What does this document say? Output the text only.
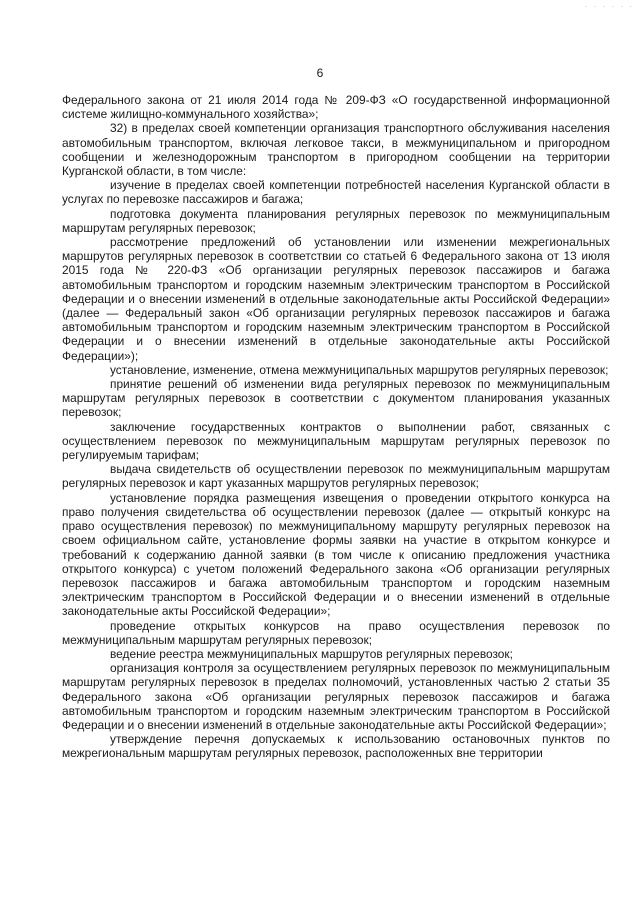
· · · · · ·
6

Федерального закона от 21 июля 2014 года № 209-ФЗ «О государственной информационной системе жилищно-коммунального хозяйства»;

32) в пределах своей компетенции организация транспортного обслуживания населения автомобильным транспортом, включая легковое такси, в межмуниципальном и пригородном сообщении и железнодорожным транспортом в пригородном сообщении на территории Курганской области, в том числе:

изучение в пределах своей компетенции потребностей населения Курганской области в услугах по перевозке пассажиров и багажа;

подготовка документа планирования регулярных перевозок по межмуниципальным маршрутам регулярных перевозок;

рассмотрение предложений об установлении или изменении межрегиональных маршрутов регулярных перевозок в соответствии со статьей 6 Федерального закона от 13 июля 2015 года № 220-ФЗ «Об организации регулярных перевозок пассажиров и багажа автомобильным транспортом и городским наземным электрическим транспортом в Российской Федерации и о внесении изменений в отдельные законодательные акты Российской Федерации» (далее — Федеральный закон «Об организации регулярных перевозок пассажиров и багажа автомобильным транспортом и городским наземным электрическим транспортом в Российской Федерации и о внесении изменений в отдельные законодательные акты Российской Федерации»);

установление, изменение, отмена межмуниципальных маршрутов регулярных перевозок;

принятие решений об изменении вида регулярных перевозок по межмуниципальным маршрутам регулярных перевозок в соответствии с документом планирования указанных перевозок;

заключение государственных контрактов о выполнении работ, связанных с осуществлением перевозок по межмуниципальным маршрутам регулярных перевозок по регулируемым тарифам;

выдача свидетельств об осуществлении перевозок по межмуниципальным маршрутам регулярных перевозок и карт указанных маршрутов регулярных перевозок;

установление порядка размещения извещения о проведении открытого конкурса на право получения свидетельства об осуществлении перевозок (далее — открытый конкурс на право осуществления перевозок) по межмуниципальному маршруту регулярных перевозок на своем официальном сайте, установление формы заявки на участие в открытом конкурсе и требований к содержанию данной заявки (в том числе к описанию предложения участника открытого конкурса) с учетом положений Федерального закона «Об организации регулярных перевозок пассажиров и багажа автомобильным транспортом и городским наземным электрическим транспортом в Российской Федерации и о внесении изменений в отдельные законодательные акты Российской Федерации»;

проведение открытых конкурсов на право осуществления перевозок по межмуниципальным маршрутам регулярных перевозок;

ведение реестра межмуниципальных маршрутов регулярных перевозок;

организация контроля за осуществлением регулярных перевозок по межмуниципальным маршрутам регулярных перевозок в пределах полномочий, установленных частью 2 статьи 35 Федерального закона «Об организации регулярных перевозок пассажиров и багажа автомобильным транспортом и городским наземным электрическим транспортом в Российской Федерации и о внесении изменений в отдельные законодательные акты Российской Федерации»;

утверждение перечня допускаемых к использованию остановочных пунктов по межрегиональным маршрутам регулярных перевозок, расположенных вне территории
